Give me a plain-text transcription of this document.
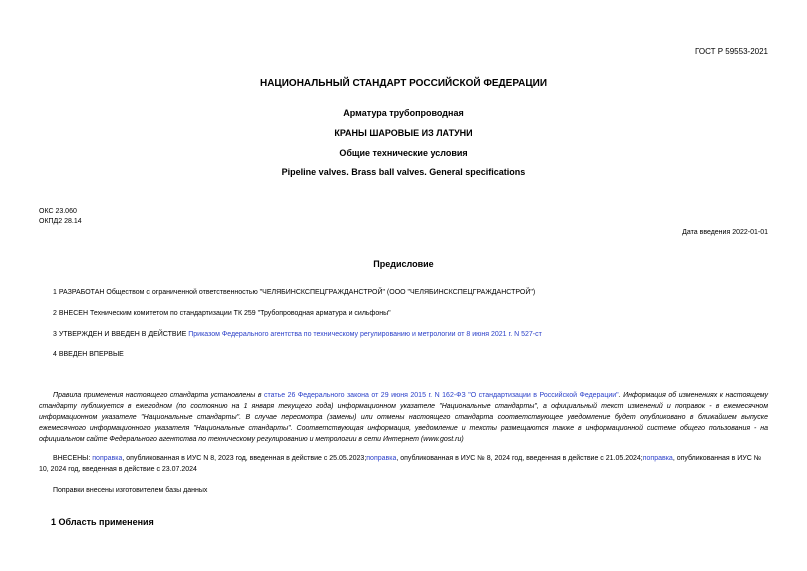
ГОСТ Р 59553-2021
НАЦИОНАЛЬНЫЙ СТАНДАРТ РОССИЙСКОЙ ФЕДЕРАЦИИ
Арматура трубопроводная
КРАНЫ ШАРОВЫЕ ИЗ ЛАТУНИ
Общие технические условия
Pipeline valves. Brass ball valves. General specifications
ОКС 23.060
ОКПД2 28.14
Дата введения 2022-01-01
Предисловие
1 РАЗРАБОТАН Обществом с ограниченной ответственностью "ЧЕЛЯБИНСКСПЕЦГРАЖДАНСТРОЙ" (ООО "ЧЕЛЯБИНСКСПЕЦГРАЖДАНСТРОЙ")
2 ВНЕСЕН Техническим комитетом по стандартизации ТК 259 "Трубопроводная арматура и сильфоны"
3 УТВЕРЖДЕН И ВВЕДЕН В ДЕЙСТВИЕ Приказом Федерального агентства по техническому регулированию и метрологии от 8 июня 2021 г. N 527-ст
4 ВВЕДЕН ВПЕРВЫЕ
Правила применения настоящего стандарта установлены в статье 26 Федерального закона от 29 июня 2015 г. N 162-ФЗ "О стандартизации в Российской Федерации". Информация об изменениях к настоящему стандарту публикуется в ежегодном (по состоянию на 1 января текущего года) информационном указателе "Национальные стандарты", а официальный текст изменений и поправок - в ежемесячном информационном указателе "Национальные стандарты". В случае пересмотра (замены) или отмены настоящего стандарта соответствующее уведомление будет опубликовано в ближайшем выпуске ежемесячного информационного указателя "Национальные стандарты". Соответствующая информация, уведомление и тексты размещаются также в информационной системе общего пользования - на официальном сайте Федерального агентства по техническому регулированию и метрологии в сети Интернет (www.gost.ru)
ВНЕСЕНЫ: поправка, опубликованная в ИУС N 8, 2023 год, введенная в действие с 25.05.2023;поправка, опубликованная в ИУС № 8, 2024 год, введенная в действие с 21.05.2024;поправка, опубликованная в ИУС № 10, 2024 год, введенная в действие с 23.07.2024
Поправки внесены изготовителем базы данных
1 Область применения
